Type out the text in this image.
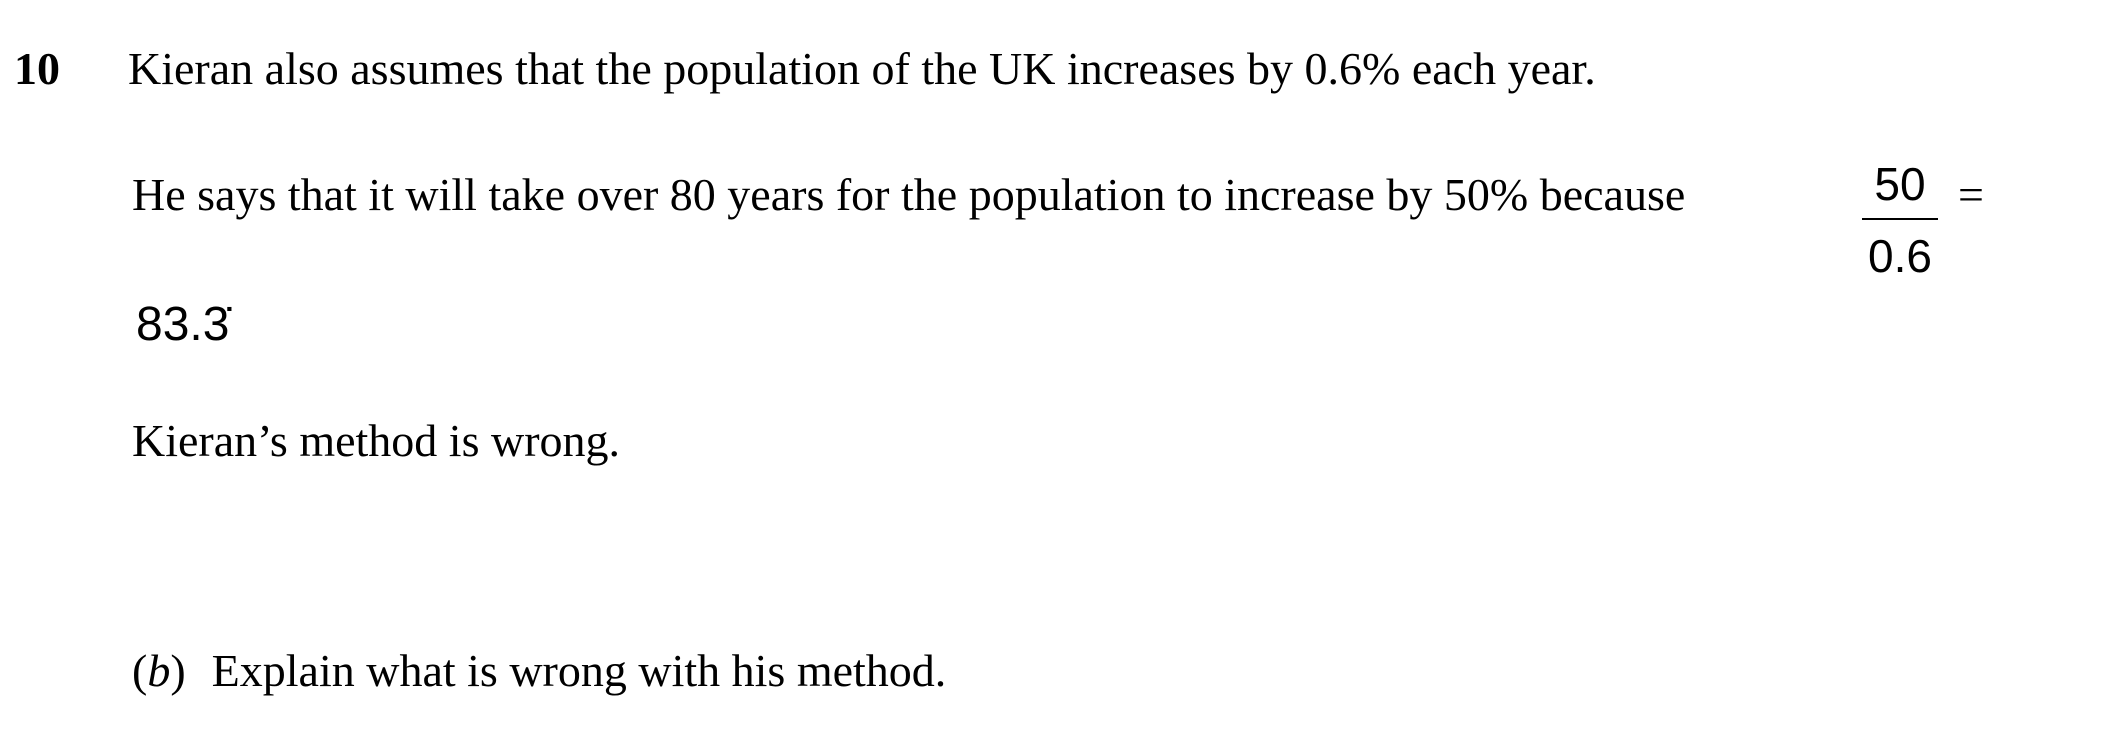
10 Kieran also assumes that the population of the UK increases by 0.6% each year.
He says that it will take over 80 years for the population to increase by 50% because	50
0.6
=
83.3̇
Kieran’s method is wrong.
(b) Explain what is wrong with his method.
